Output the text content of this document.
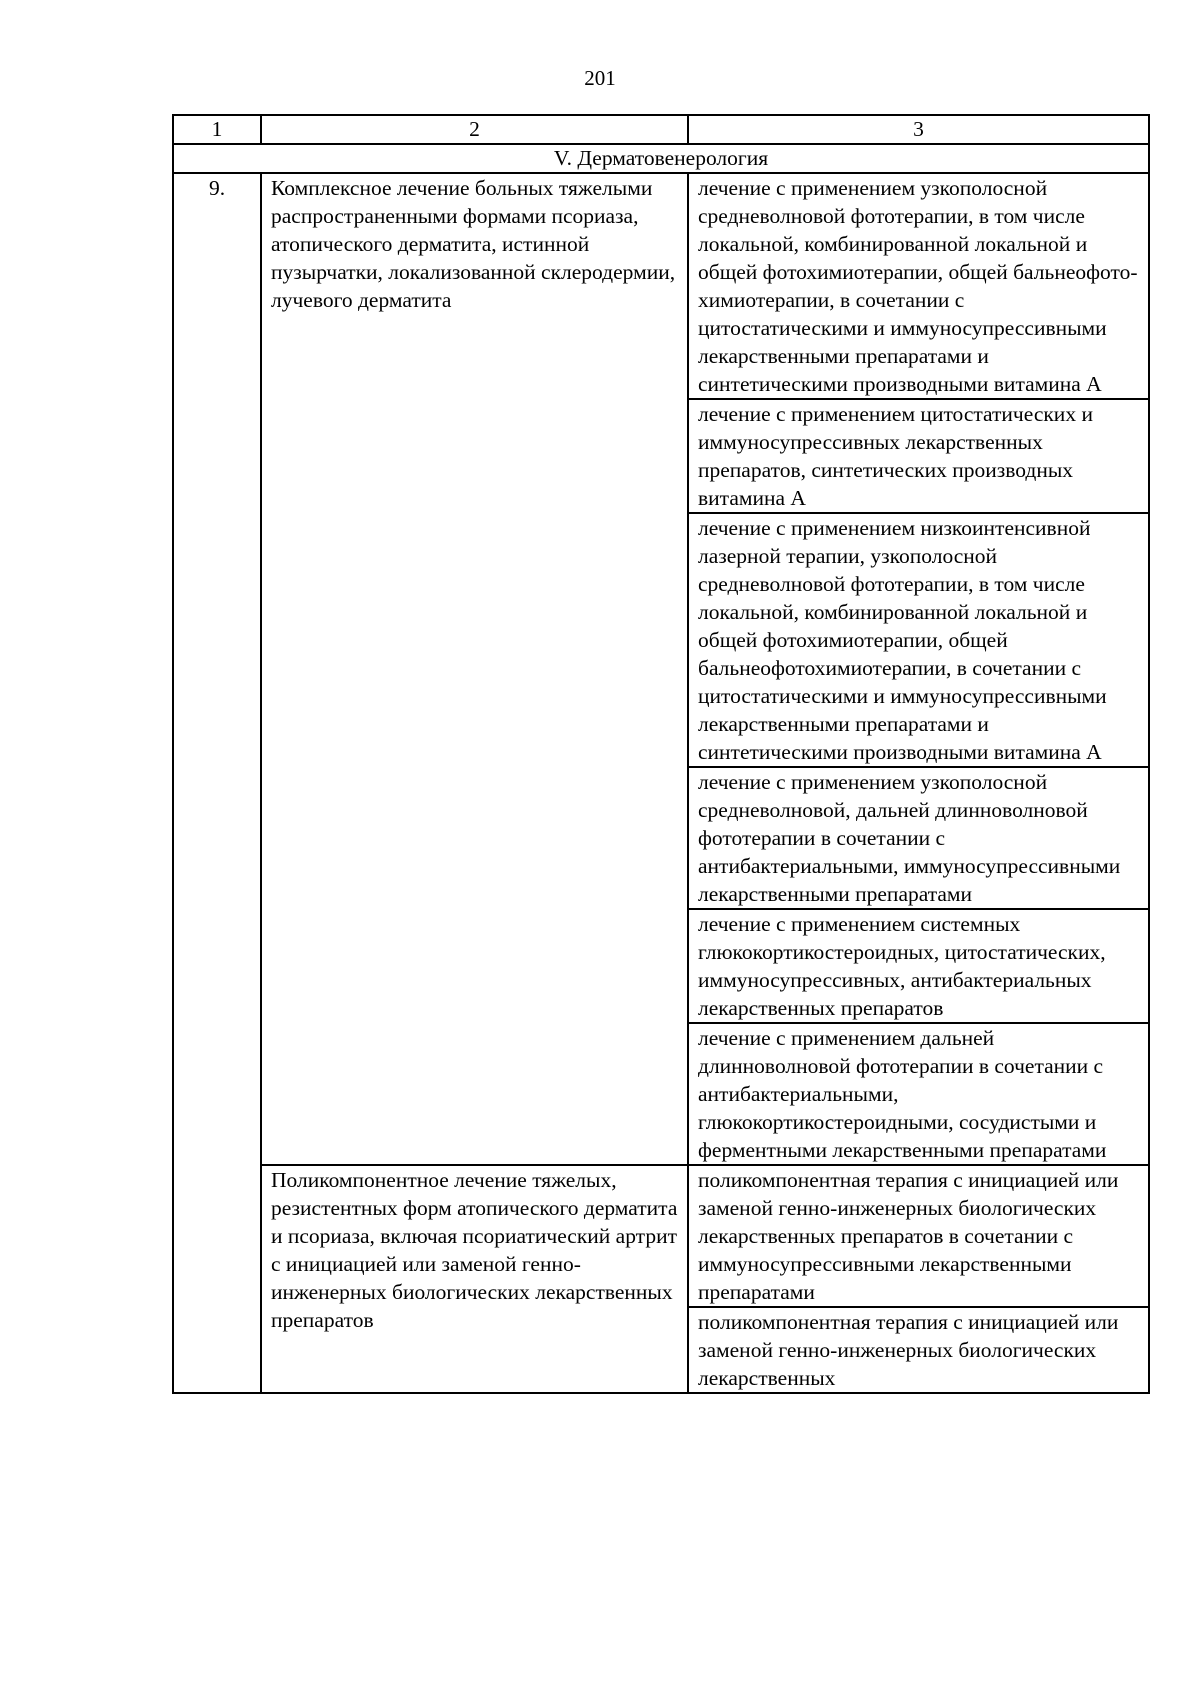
201
1	2	3
V. Дерматовенерология		
9.	Комплексное лечение больных тяжелыми распространенными формами псориаза, атопического дерматита, истинной пузырчатки, локализованной склеродермии, лучевого дерматита	лечение с применением узкополосной средневолновой фототерапии, в том числе локальной, комбинированной локальной и общей фотохимиотерапии, общей бальнеофото-химиотерапии, в сочетании с цитостатическими и иммуносупрессивными лекарственными препаратами и синтетическими производными витамина А
		лечение с применением цитостатических и иммуносупрессивных лекарственных препаратов, синтетических производных витамина А
		лечение с применением низкоинтенсивной лазерной терапии, узкополосной средневолновой фототерапии, в том числе локальной, комбинированной локальной и общей фотохимиотерапии, общей бальнеофотохимиотерапии, в сочетании с цитостатическими и иммуносупрессивными лекарственными препаратами и синтетическими производными витамина А
		лечение с применением узкополосной средневолновой, дальней длинноволновой фототерапии в сочетании с антибактериальными, иммуносупрессивными лекарственными препаратами
		лечение с применением системных глюкокортикостероидных, цитостатических, иммуносупрессивных, антибактериальных лекарственных препаратов
		лечение с применением дальней длинноволновой фототерапии в сочетании с антибактериальными, глюкокортикостероидными, сосудистыми и ферментными лекарственными препаратами
	Поликомпонентное лечение тяжелых, резистентных форм атопического дерматита и псориаза, включая псориатический артрит с инициацией или заменой генно-инженерных биологических лекарственных препаратов	поликомпонентная терапия с инициацией или заменой генно-инженерных биологических лекарственных препаратов в сочетании с иммуносупрессивными лекарственными препаратами
		поликомпонентная терапия с инициацией или заменой генно-инженерных биологических лекарственных
